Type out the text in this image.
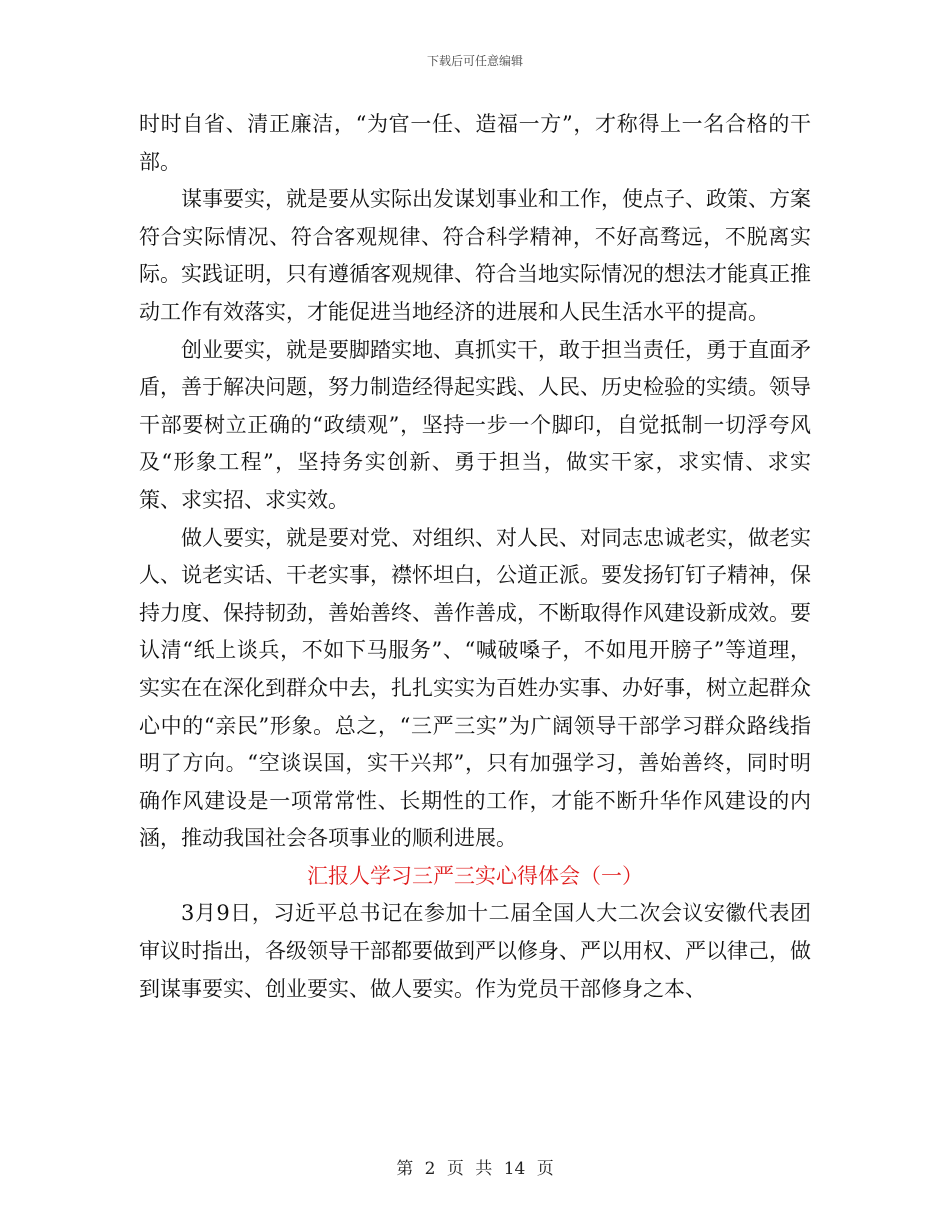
下载后可任意编辑

时时自省、清正廉洁，“为官一任、造福一方”，才称得上一名合格的干部。

谋事要实，就是要从实际出发谋划事业和工作，使点子、政策、方案符合实际情况、符合客观规律、符合科学精神，不好高骛远，不脱离实际。实践证明，只有遵循客观规律、符合当地实际情况的想法才能真正推动工作有效落实，才能促进当地经济的进展和人民生活水平的提高。

创业要实，就是要脚踏实地、真抓实干，敢于担当责任，勇于直面矛盾，善于解决问题，努力制造经得起实践、人民、历史检验的实绩。领导干部要树立正确的“政绩观”，坚持一步一个脚印，自觉抵制一切浮夸风及“形象工程”，坚持务实创新、勇于担当，做实干家，求实情、求实策、求实招、求实效。

做人要实，就是要对党、对组织、对人民、对同志忠诚老实，做老实人、说老实话、干老实事，襟怀坦白，公道正派。要发扬钉钉子精神，保持力度、保持韧劲，善始善终、善作善成，不断取得作风建设新成效。要认清“纸上谈兵，不如下马服务”、“喊破嗓子，不如甩开膀子”等道理，实实在在深化到群众中去，扎扎实实为百姓办实事、办好事，树立起群众心中的“亲民”形象。总之，“三严三实”为广阔领导干部学习群众路线指明了方向。“空谈误国，实干兴邦”，只有加强学习，善始善终，同时明确作风建设是一项常常性、长期性的工作，才能不断升华作风建设的内涵，推动我国社会各项事业的顺利进展。

汇报人学习三严三实心得体会（一）

3月9日，习近平总书记在参加十二届全国人大二次会议安徽代表团审议时指出，各级领导干部都要做到严以修身、严以用权、严以律己，做到谋事要实、创业要实、做人要实。作为党员干部修身之本、

第 2 页 共 14 页
